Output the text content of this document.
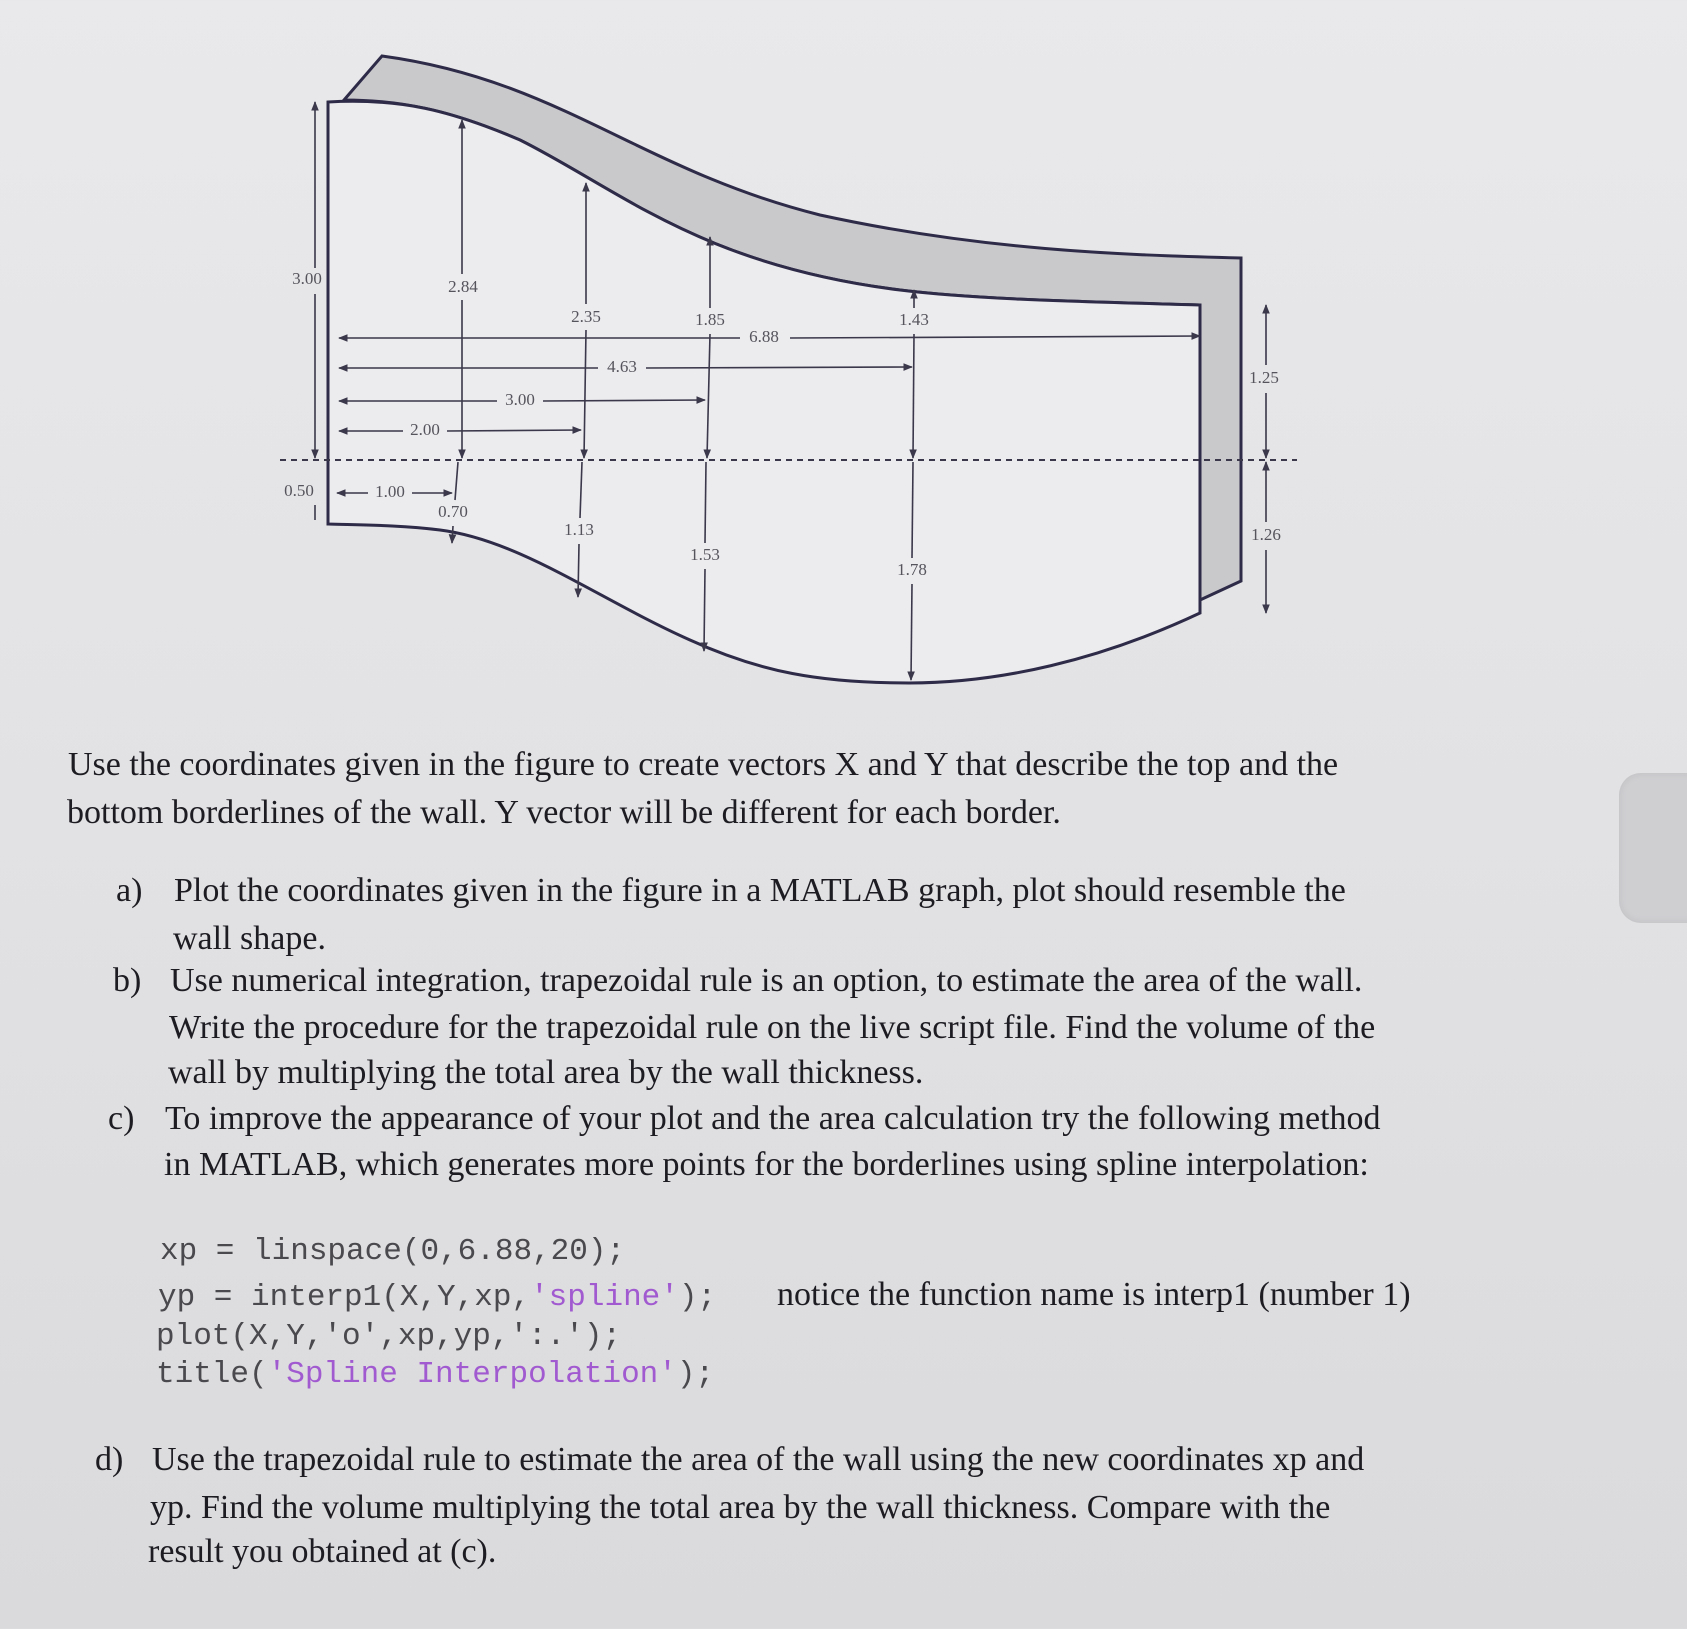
3.00
0.50
2.84
2.35	1.85	1.43
0.70
1.13
1.53
1.78
1.25
1.26
6.88
4.63
3.00
2.00
1.00
Use the coordinates given in the figure to create vectors X and Y that describe the top and the
bottom borderlines of the wall. Y vector will be different for each border.
a) Plot the coordinates given in the figure in a MATLAB graph, plot should resemble the
wall shape.
b) Use numerical integration, trapezoidal rule is an option, to estimate the area of the wall.
Write the procedure for the trapezoidal rule on the live script file. Find the volume of the
wall by multiplying the total area by the wall thickness.
c) To improve the appearance of your plot and the area calculation try the following method
in MATLAB, which generates more points for the borderlines using spline interpolation:
xp = linspace(0,6.88,20);
yp = interp1(X,Y,xp,'spline'); notice the function name is interp1 (number 1)
plot(X,Y,'o',xp,yp,':.');
title('Spline Interpolation');
d) Use the trapezoidal rule to estimate the area of the wall using the new coordinates xp and
yp. Find the volume multiplying the total area by the wall thickness. Compare with the
result you obtained at (c).
